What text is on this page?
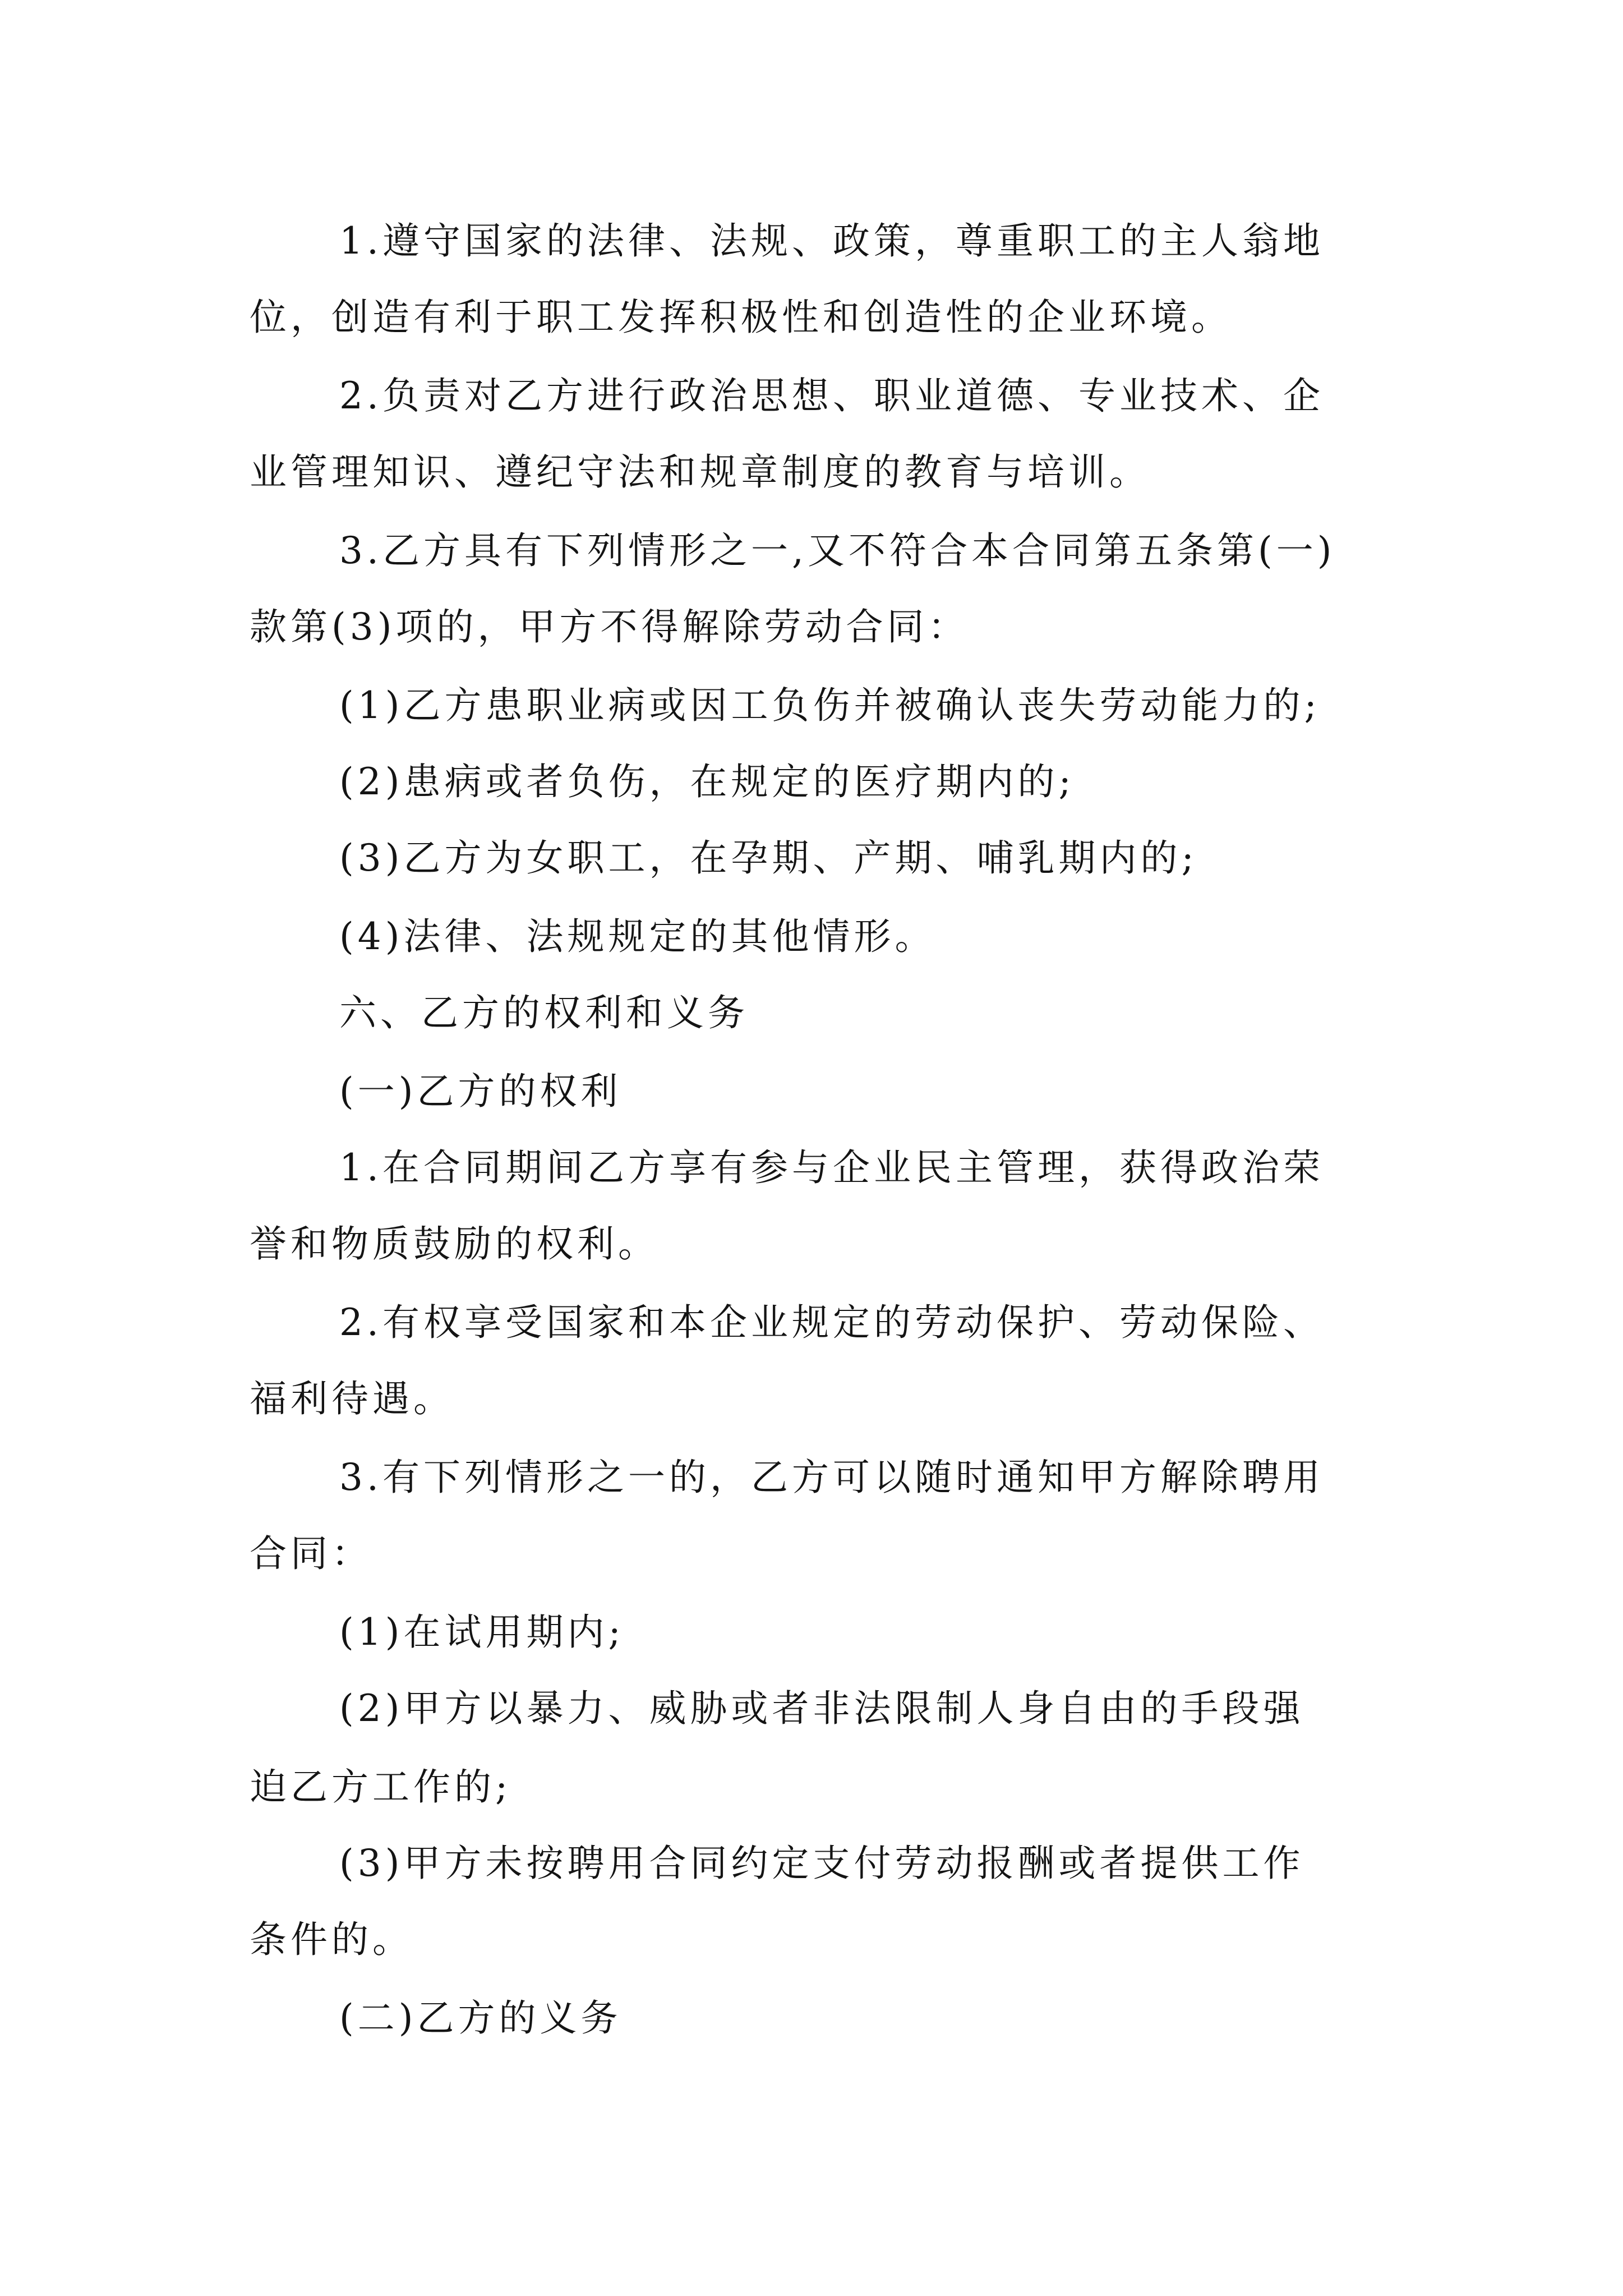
1.遵守国家的法律、法规、政策，尊重职工的主人翁地
位，创造有利于职工发挥积极性和创造性的企业环境。
2.负责对乙方进行政治思想、职业道德、专业技术、企
业管理知识、遵纪守法和规章制度的教育与培训。
3.乙方具有下列情形之一,又不符合本合同第五条第(一)
款第(3)项的，甲方不得解除劳动合同：
(1)乙方患职业病或因工负伤并被确认丧失劳动能力的;
(2)患病或者负伤，在规定的医疗期内的;
(3)乙方为女职工，在孕期、产期、哺乳期内的;
(4)法律、法规规定的其他情形。
六、乙方的权利和义务
(一)乙方的权利
1.在合同期间乙方享有参与企业民主管理，获得政治荣
誉和物质鼓励的权利。
2.有权享受国家和本企业规定的劳动保护、劳动保险、
福利待遇。
3.有下列情形之一的，乙方可以随时通知甲方解除聘用
合同：
(1)在试用期内;
(2)甲方以暴力、威胁或者非法限制人身自由的手段强
迫乙方工作的;
(3)甲方未按聘用合同约定支付劳动报酬或者提供工作
条件的。
(二)乙方的义务
